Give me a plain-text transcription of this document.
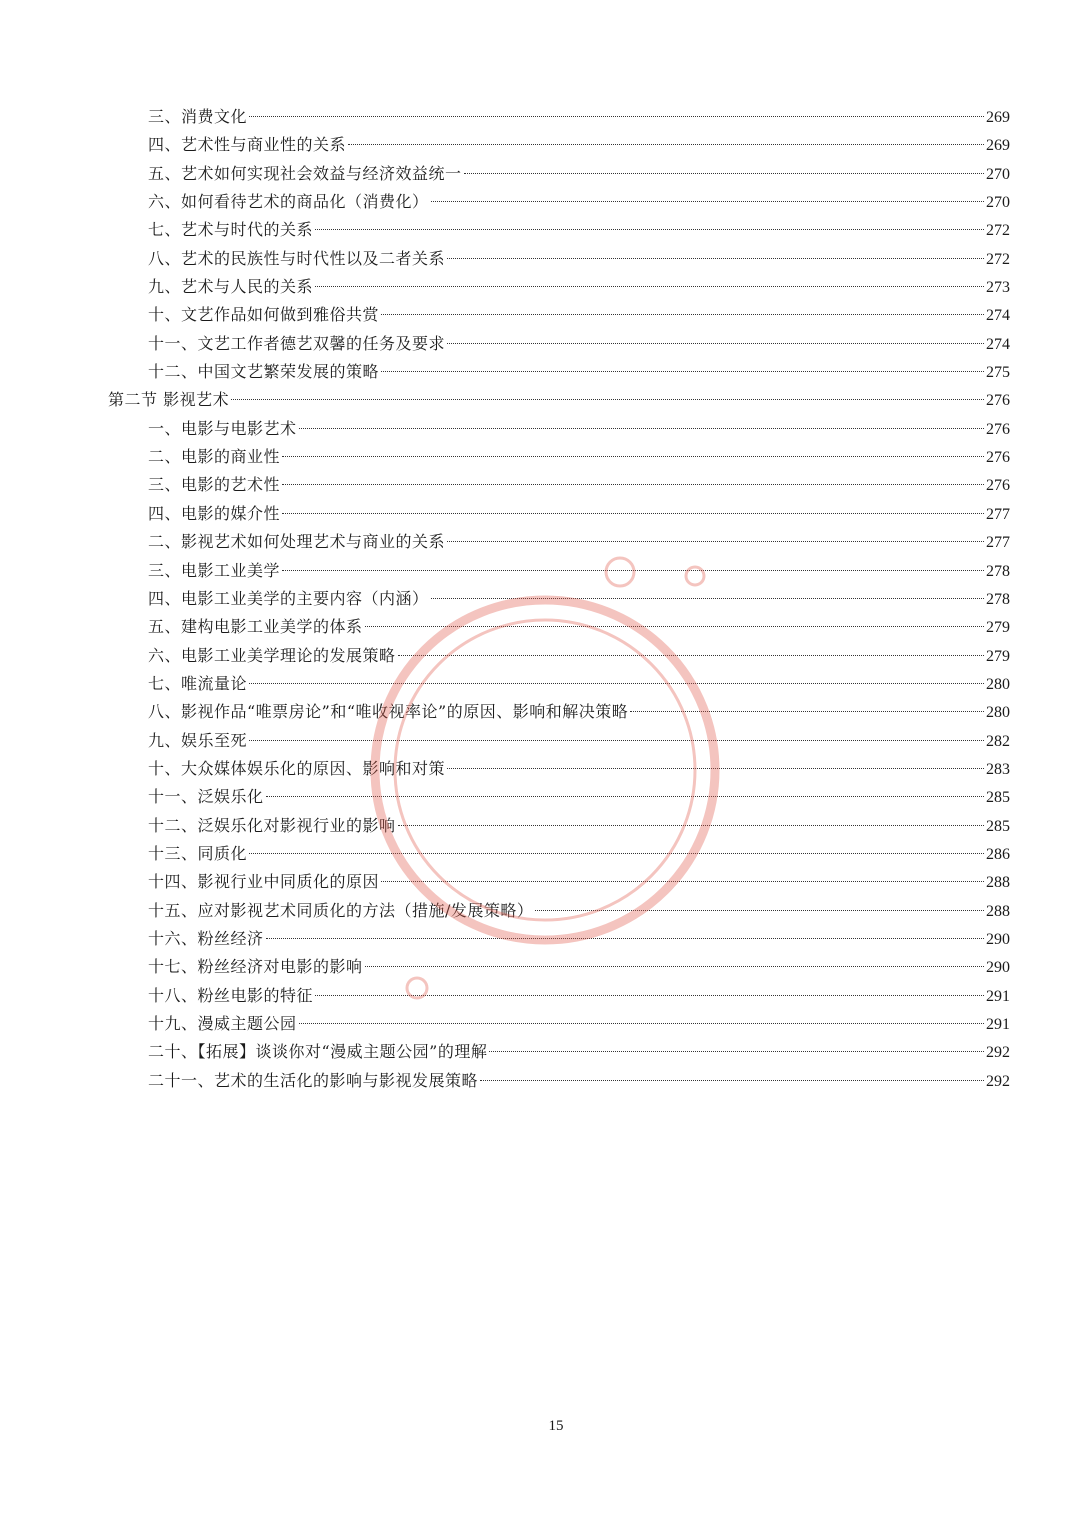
三、消费文化	269
四、艺术性与商业性的关系	269
五、艺术如何实现社会效益与经济效益统一	270
六、如何看待艺术的商品化（消费化）	270
七、艺术与时代的关系	272
八、艺术的民族性与时代性以及二者关系	272
九、艺术与人民的关系	273
十、文艺作品如何做到雅俗共赏	274
十一、文艺工作者德艺双馨的任务及要求	274
十二、中国文艺繁荣发展的策略	275
第二节 影视艺术	276
一、电影与电影艺术	276
二、电影的商业性	276
三、电影的艺术性	276
四、电影的媒介性	277
二、影视艺术如何处理艺术与商业的关系	277
三、电影工业美学	278
四、电影工业美学的主要内容（内涵）	278
五、建构电影工业美学的体系	279
六、电影工业美学理论的发展策略	279
七、唯流量论	280
八、影视作品“唯票房论”和“唯收视率论”的原因、影响和解决策略	280
九、娱乐至死	282
十、大众媒体娱乐化的原因、影响和对策	283
十一、泛娱乐化	285
十二、泛娱乐化对影视行业的影响	285
十三、同质化	286
十四、影视行业中同质化的原因	288
十五、应对影视艺术同质化的方法（措施/发展策略）	288
十六、粉丝经济	290
十七、粉丝经济对电影的影响	290
十八、粉丝电影的特征	291
十九、漫威主题公园	291
二十、【拓展】谈谈你对“漫威主题公园”的理解	292
二十一、艺术的生活化的影响与影视发展策略	292
15
